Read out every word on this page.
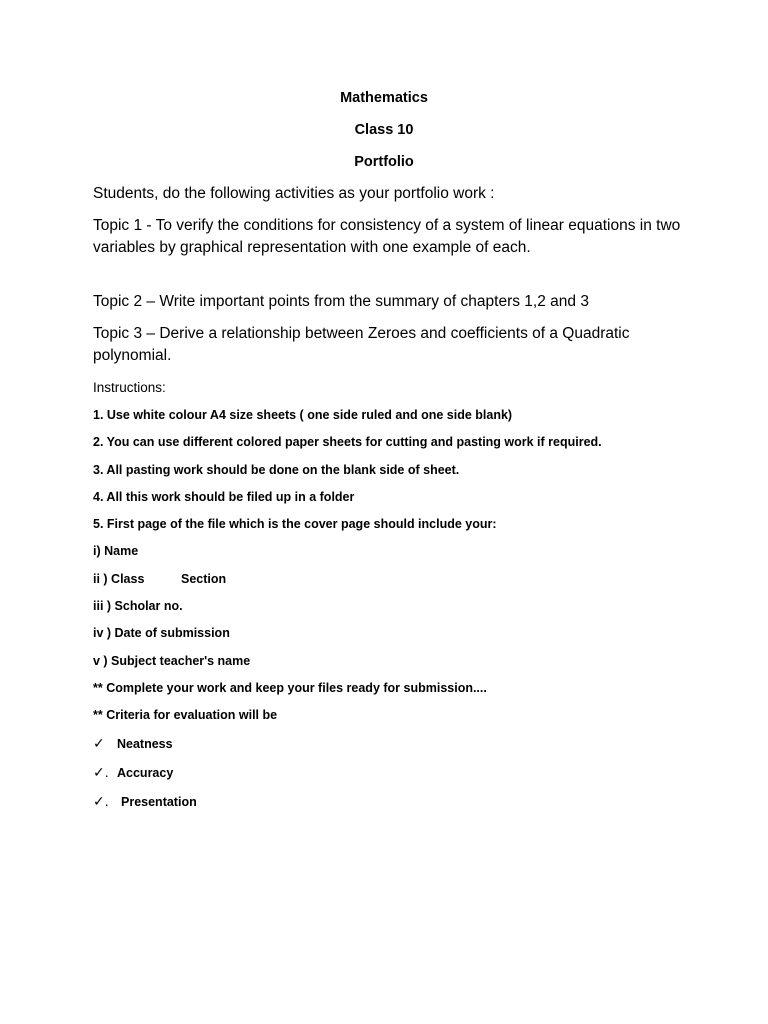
Mathematics
Class 10
Portfolio
Students, do the following activities as your portfolio work :
Topic 1 - To verify the conditions for consistency of a system of linear equations in two variables by graphical representation with one example of each.
Topic 2 – Write important points from the summary of chapters 1,2 and 3
Topic 3 – Derive a relationship between Zeroes and coefficients of a Quadratic polynomial.
Instructions:
1. Use white colour A4 size sheets ( one side ruled and one side blank)
2. You can use different colored paper sheets for cutting and pasting work if required.
3. All pasting work should be done on the blank side of sheet.
4. All this work should be filed up in a folder
5. First page of the file which is the cover page should include your:
i) Name
ii ) Class	Section
iii ) Scholar no.
iv ) Date of submission
v ) Subject teacher's name
** Complete your work and keep your files ready for submission....
** Criteria for evaluation will be
✓ Neatness
✓. Accuracy
✓. Presentation
